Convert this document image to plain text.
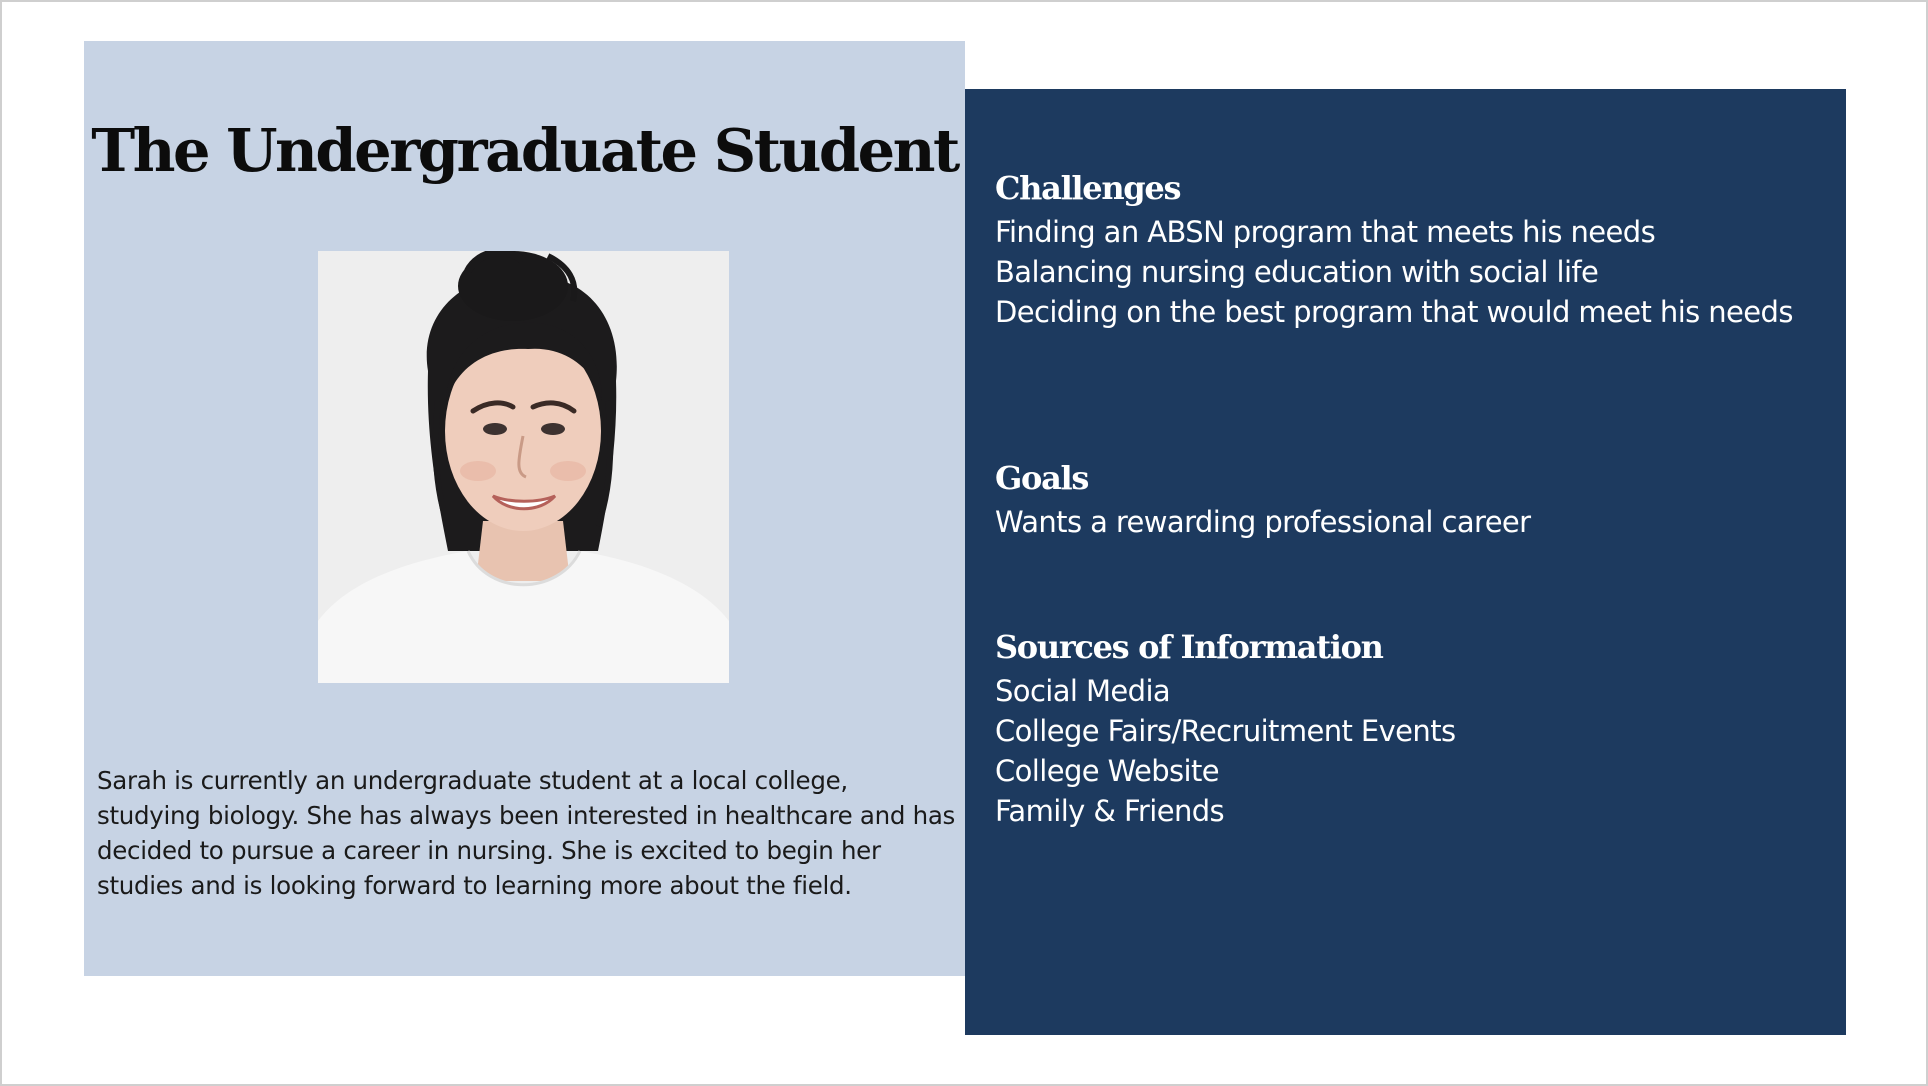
The Undergraduate Student

Sarah is currently an undergraduate student at a local college, studying biology. She has always been interested in healthcare and has decided to pursue a career in nursing. She is excited to begin her studies and is looking forward to learning more about the field.

Challenges
Finding an ABSN program that meets his needs
Balancing nursing education with social life
Deciding on the best program that would meet his needs
Goals
Wants a rewarding professional career
Sources of Information
Social Media
College Fairs/Recruitment Events
College Website
Family & Friends
